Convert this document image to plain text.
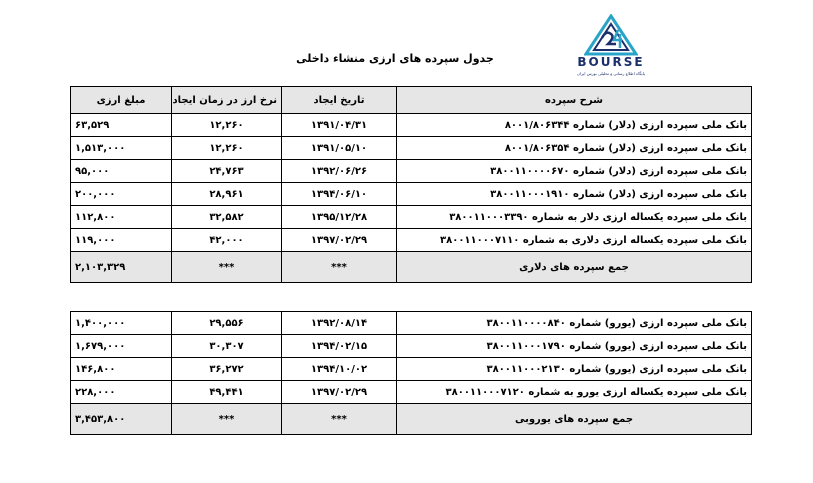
جدول سپرده های ارزی منشاء داخلی	BOURSE
پایگاه اطلاع رسانی و تحلیلی بورس ایران
شرح سپرده	تاریخ ایجاد	نرخ ارز در زمان ایجاد	مبلغ ارزی
بانک ملی سپرده ارزی (دلار) شماره ۸۰۰۱/۸۰۶۳۴۴	۱۳۹۱/۰۴/۳۱	۱۲,۲۶۰	۶۳,۵۲۹
بانک ملی سپرده ارزی (دلار) شماره ۸۰۰۱/۸۰۶۳۵۴	۱۳۹۱/۰۵/۱۰	۱۲,۲۶۰	۱,۵۱۳,۰۰۰
بانک ملی سپرده ارزی (دلار) شماره ۳۸۰۰۱۱۰۰۰۰۶۷۰	۱۳۹۲/۰۶/۲۶	۲۴,۷۶۳	۹۵,۰۰۰
بانک ملی سپرده ارزی (دلار) شماره ۳۸۰۰۱۱۰۰۰۱۹۱۰	۱۳۹۴/۰۶/۱۰	۲۸,۹۶۱	۲۰۰,۰۰۰
بانک ملی سپرده یکساله ارزی دلار به شماره ۳۸۰۰۱۱۰۰۰۳۳۹۰	۱۳۹۵/۱۲/۲۸	۳۲,۵۸۲	۱۱۲,۸۰۰
بانک ملی سپرده یکساله ارزی دلاری به شماره ۳۸۰۰۱۱۰۰۰۷۱۱۰	۱۳۹۷/۰۲/۲۹	۴۲,۰۰۰	۱۱۹,۰۰۰
جمع سپرده های دلاری	***	***	۲,۱۰۳,۳۲۹
بانک ملی سپرده ارزی (یورو) شماره ۳۸۰۰۱۱۰۰۰۰۸۴۰	۱۳۹۲/۰۸/۱۴	۲۹,۵۵۶	۱,۴۰۰,۰۰۰
بانک ملی سپرده ارزی (یورو) شماره ۳۸۰۰۱۱۰۰۰۱۷۹۰	۱۳۹۴/۰۲/۱۵	۳۰,۳۰۷	۱,۶۷۹,۰۰۰
بانک ملی سپرده ارزی (یورو) شماره ۳۸۰۰۱۱۰۰۰۲۱۳۰	۱۳۹۴/۱۰/۰۲	۳۶,۲۷۲	۱۴۶,۸۰۰
بانک ملی سپرده یکساله ارزی یورو به شماره ۳۸۰۰۱۱۰۰۰۷۱۲۰	۱۳۹۷/۰۲/۲۹	۴۹,۴۴۱	۲۲۸,۰۰۰
جمع سپرده های یوروبی	***	***	۳,۴۵۳,۸۰۰
